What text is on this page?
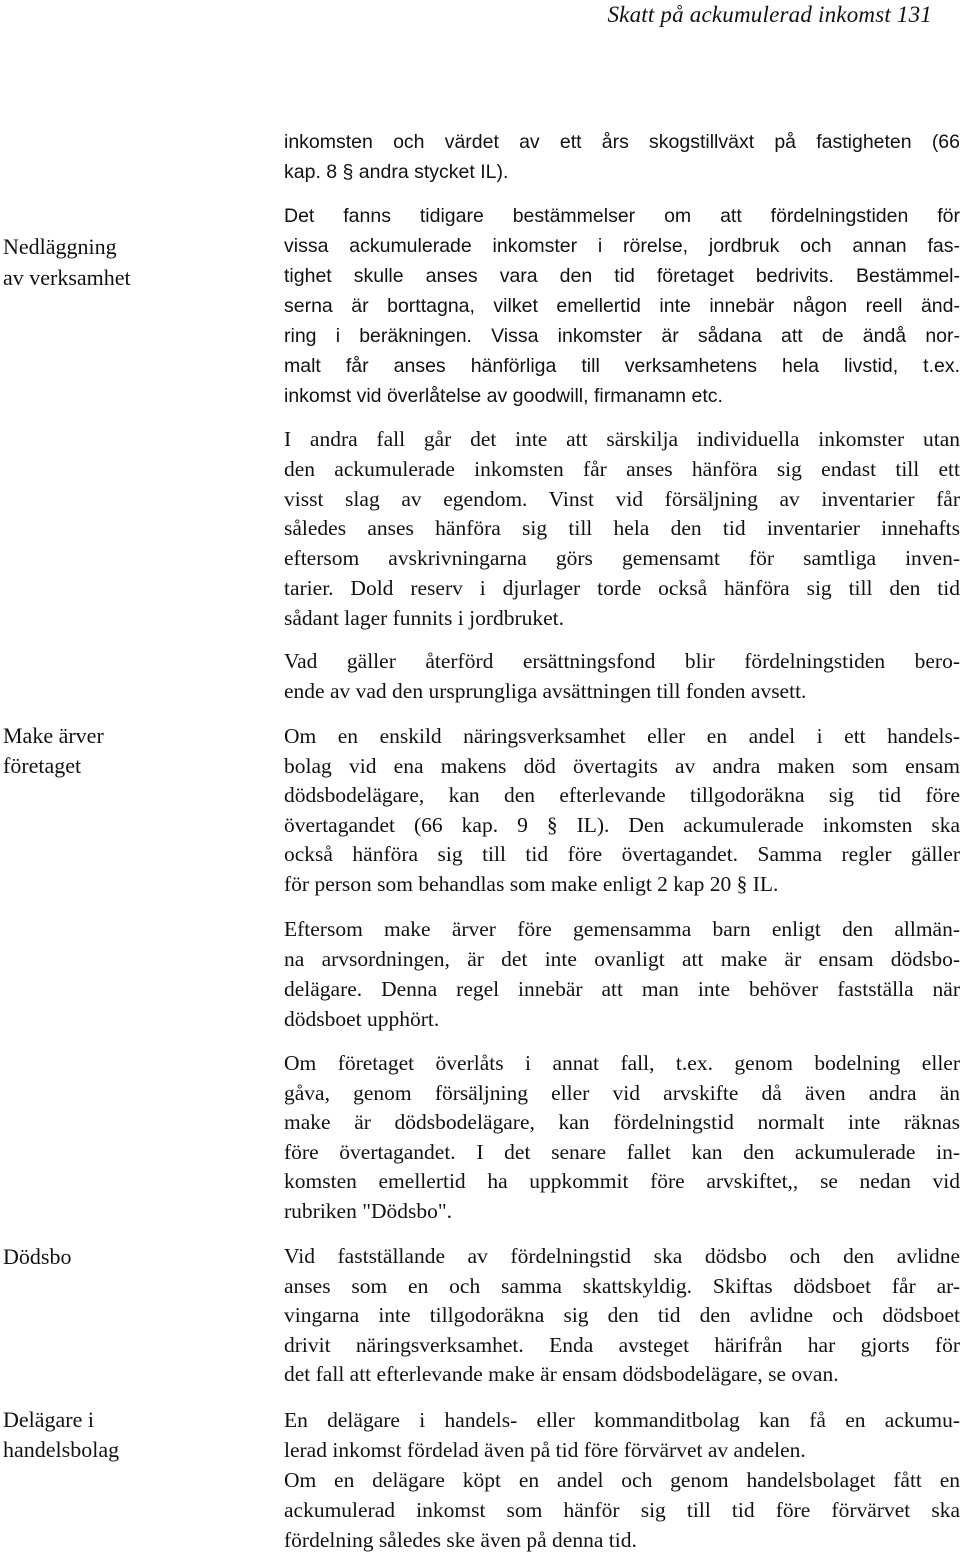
Skatt på ackumulerad inkomst 131
Nedläggning
av verksamhet
Make ärver
företaget
Dödsbo
Delägare i
handelsbolag
inkomsten och värdet av ett års skogstillväxt på fastigheten (66
kap. 8 § andra stycket IL).
Det fanns tidigare bestämmelser om att fördelningstiden för
vissa ackumulerade inkomster i rörelse, jordbruk och annan fas-
tighet skulle anses vara den tid företaget bedrivits. Bestämmel-
serna är borttagna, vilket emellertid inte innebär någon reell änd-
ring i beräkningen. Vissa inkomster är sådana att de ändå nor-
malt får anses hänförliga till verksamhetens hela livstid, t.ex.
inkomst vid överlåtelse av goodwill, firmanamn etc.
I andra fall går det inte att särskilja individuella inkomster utan
den ackumulerade inkomsten får anses hänföra sig endast till ett
visst slag av egendom. Vinst vid försäljning av inventarier får
således anses hänföra sig till hela den tid inventarier innehafts
eftersom avskrivningarna görs gemensamt för samtliga inven-
tarier. Dold reserv i djurlager torde också hänföra sig till den tid
sådant lager funnits i jordbruket.
Vad gäller återförd ersättningsfond blir fördelningstiden bero-
ende av vad den ursprungliga avsättningen till fonden avsett.
Om en enskild näringsverksamhet eller en andel i ett handels-
bolag vid ena makens död övertagits av andra maken som ensam
dödsbodelägare, kan den efterlevande tillgodoräkna sig tid före
övertagandet (66 kap. 9 § IL). Den ackumulerade inkomsten ska
också hänföra sig till tid före övertagandet. Samma regler gäller
för person som behandlas som make enligt 2 kap 20 § IL.
Eftersom make ärver före gemensamma barn enligt den allmän-
na arvsordningen, är det inte ovanligt att make är ensam dödsbo-
delägare. Denna regel innebär att man inte behöver fastställa när
dödsboet upphört.
Om företaget överlåts i annat fall, t.ex. genom bodelning eller
gåva, genom försäljning eller vid arvskifte då även andra än
make är dödsbodelägare, kan fördelningstid normalt inte räknas
före övertagandet. I det senare fallet kan den ackumulerade in-
komsten emellertid ha uppkommit före arvskiftet,, se nedan vid
rubriken "Dödsbo".
Vid fastställande av fördelningstid ska dödsbo och den avlidne
anses som en och samma skattskyldig. Skiftas dödsboet får ar-
vingarna inte tillgodoräkna sig den tid den avlidne och dödsboet
drivit näringsverksamhet. Enda avsteget härifrån har gjorts för
det fall att efterlevande make är ensam dödsbodelägare, se ovan.
En delägare i handels- eller kommanditbolag kan få en ackumu-
lerad inkomst fördelad även på tid före förvärvet av andelen.
Om en delägare köpt en andel och genom handelsbolaget fått en
ackumulerad inkomst som hänför sig till tid före förvärvet ska
fördelning således ske även på denna tid.
